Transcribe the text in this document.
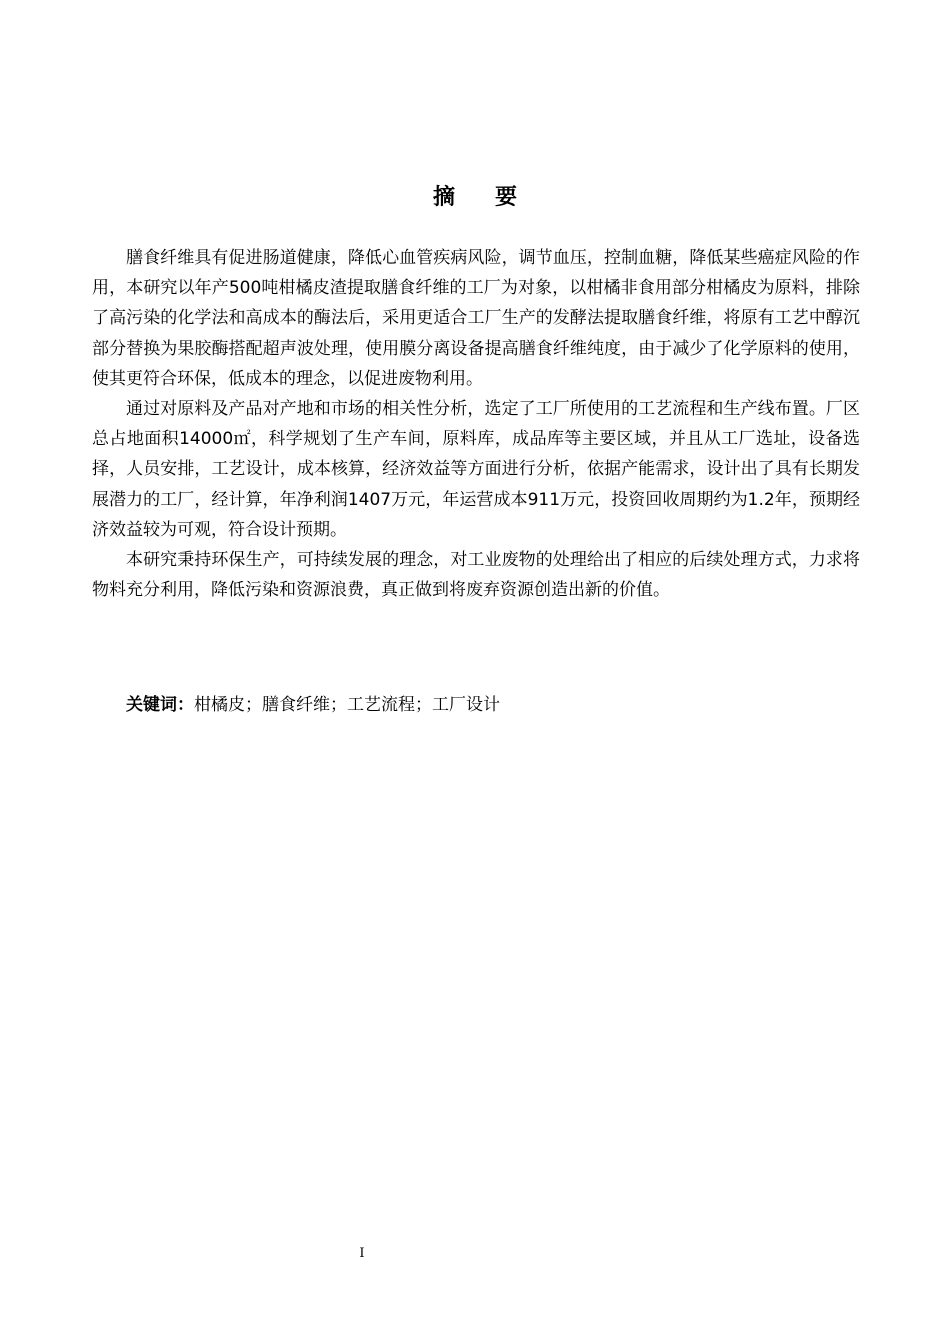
摘 要

膳食纤维具有促进肠道健康，降低心血管疾病风险，调节血压，控制血糖，降低某些癌症风险的作用，本研究以年产500吨柑橘皮渣提取膳食纤维的工厂为对象，以柑橘非食用部分柑橘皮为原料，排除了高污染的化学法和高成本的酶法后，采用更适合工厂生产的发酵法提取膳食纤维，将原有工艺中醇沉部分替换为果胶酶搭配超声波处理，使用膜分离设备提高膳食纤维纯度，由于减少了化学原料的使用，使其更符合环保，低成本的理念，以促进废物利用。

通过对原料及产品对产地和市场的相关性分析，选定了工厂所使用的工艺流程和生产线布置。厂区总占地面积14000㎡，科学规划了生产车间，原料库，成品库等主要区域，并且从工厂选址，设备选择，人员安排，工艺设计，成本核算，经济效益等方面进行分析，依据产能需求，设计出了具有长期发展潜力的工厂，经计算，年净利润1407万元，年运营成本911万元，投资回收周期约为1.2年，预期经济效益较为可观，符合设计预期。

本研究秉持环保生产，可持续发展的理念，对工业废物的处理给出了相应的后续处理方式，力求将物料充分利用，降低污染和资源浪费，真正做到将废弃资源创造出新的价值。

关键词：柑橘皮；膳食纤维；工艺流程；工厂设计
I
